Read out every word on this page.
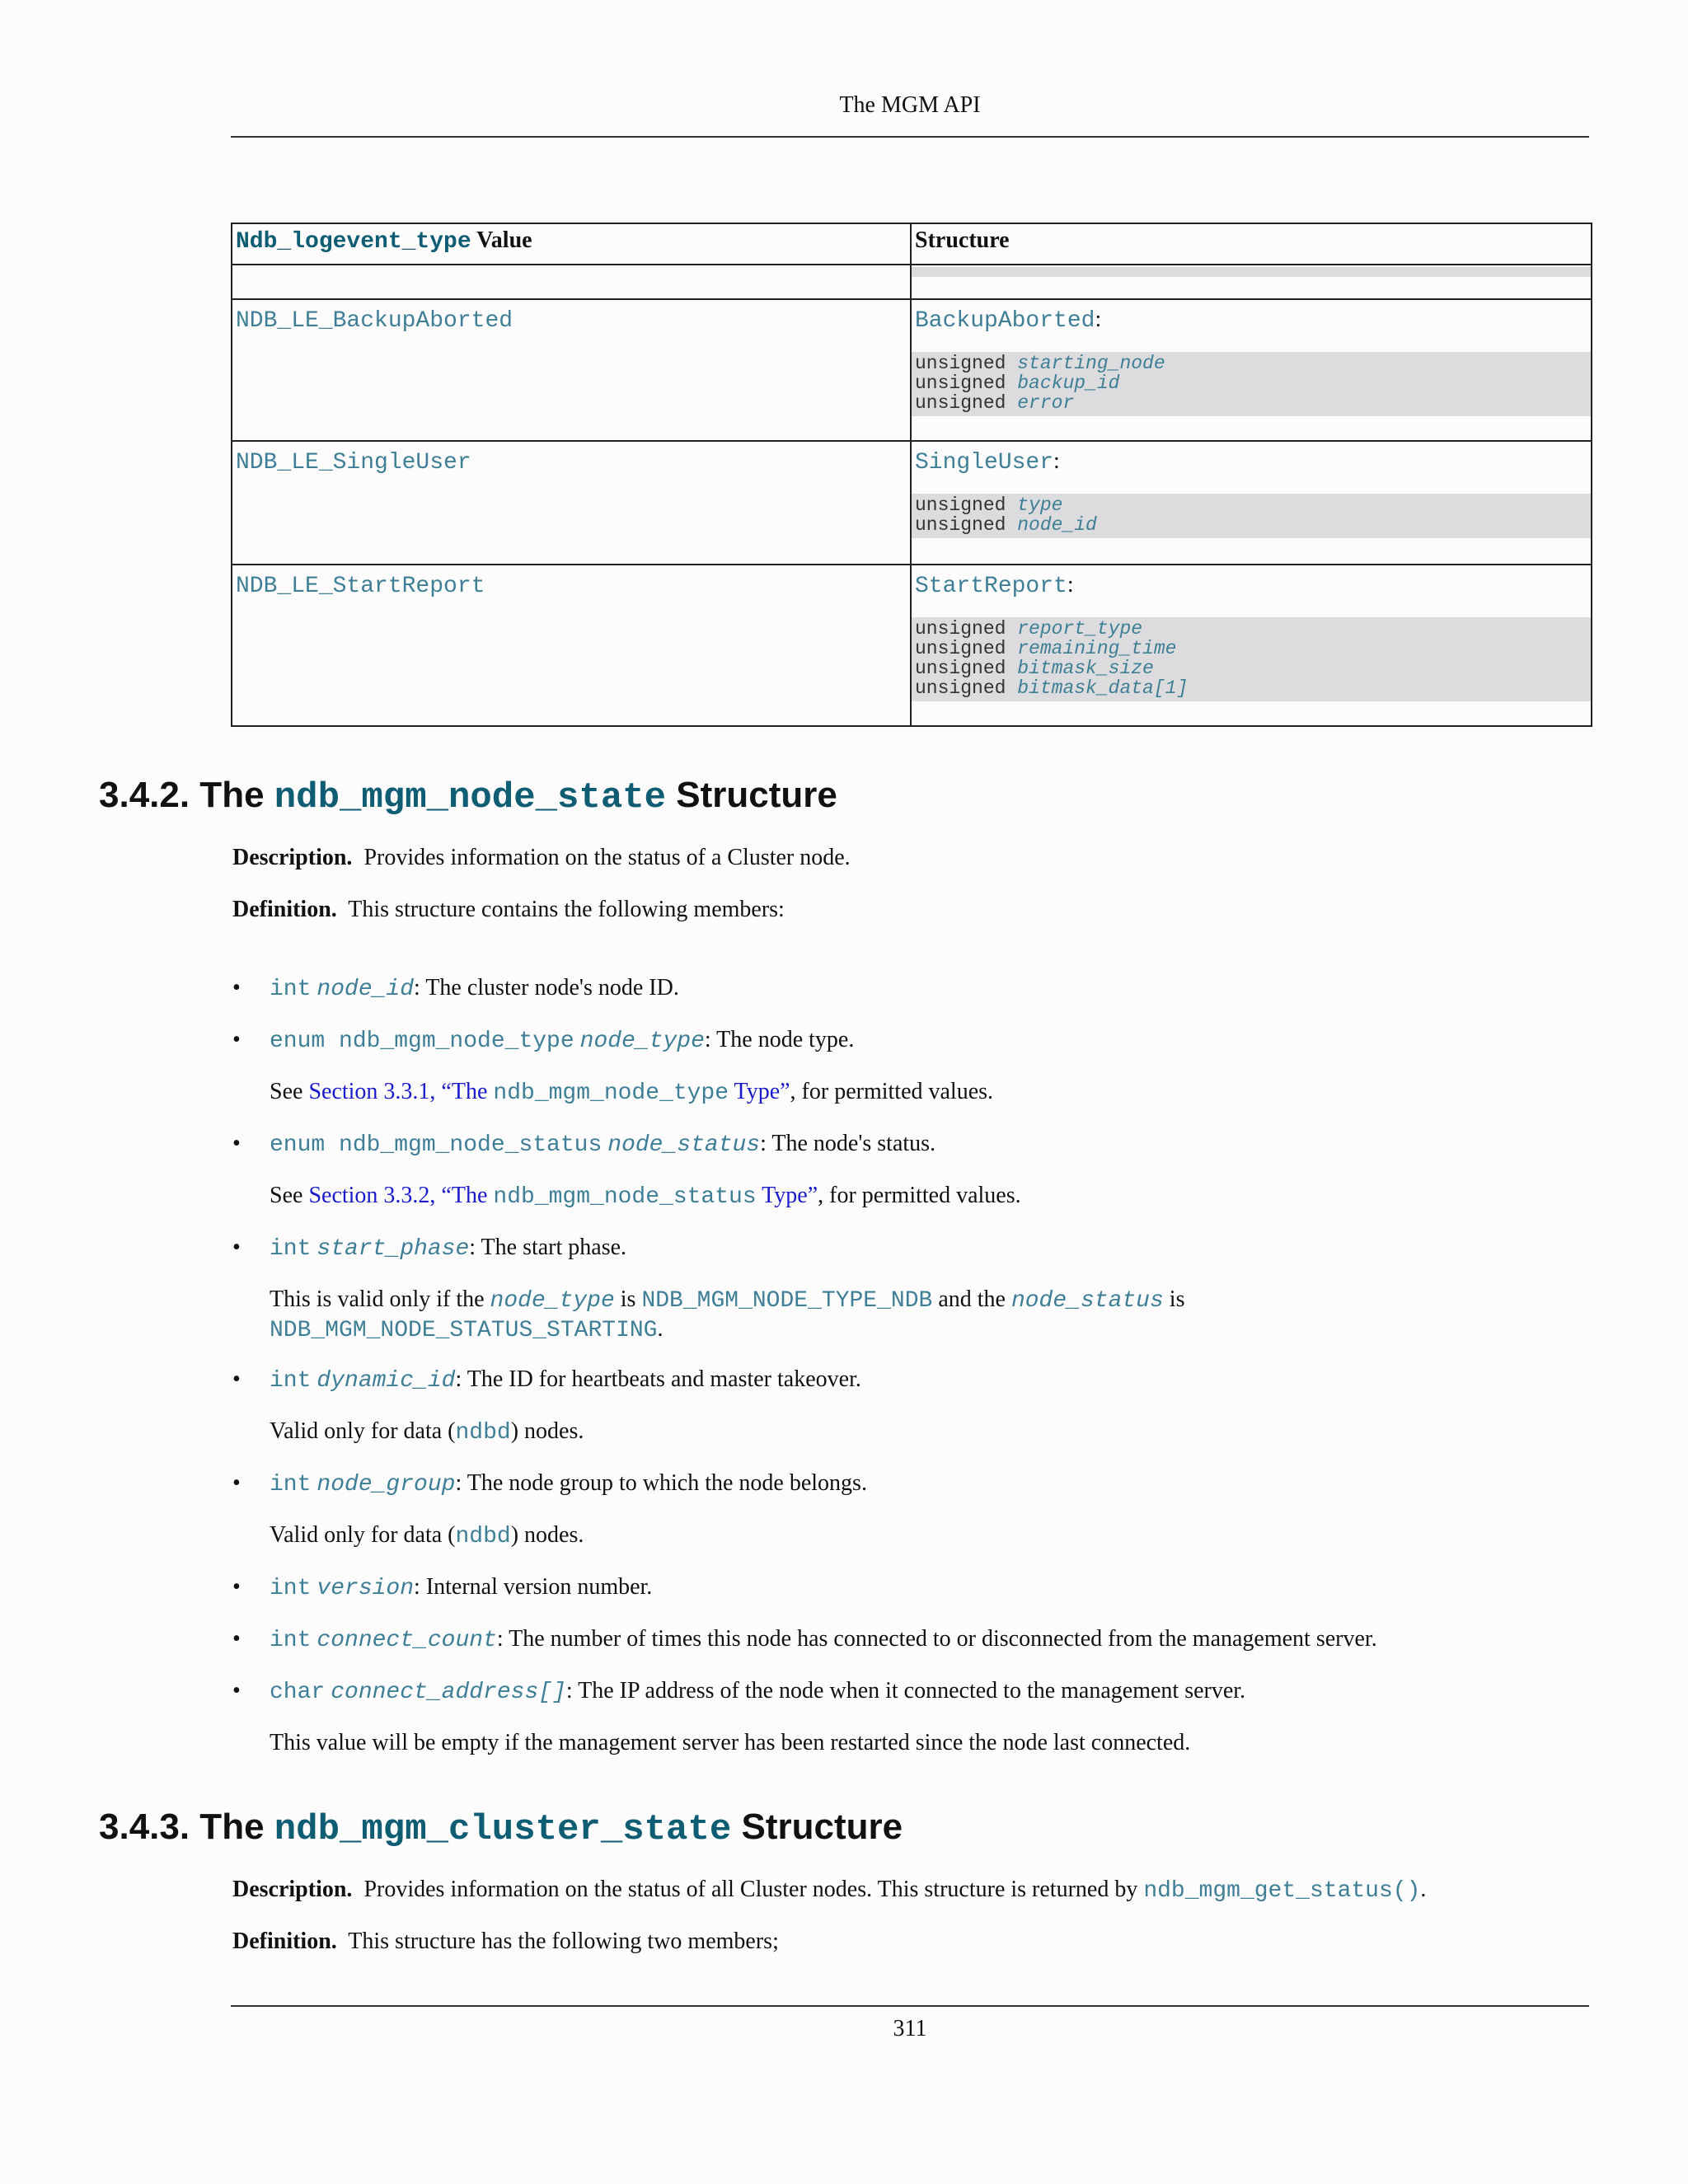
The MGM API
Ndb_logevent_type Value	Structure

NDB_LE_BackupAborted	BackupAborted:
unsigned starting_node
unsigned backup_id
unsigned error

NDB_LE_SingleUser	SingleUser:
unsigned type
unsigned node_id

NDB_LE_StartReport	StartReport:
unsigned report_type
unsigned remaining_time
unsigned bitmask_size
unsigned bitmask_data[1]
3.4.2. The ndb_mgm_node_state Structure
Description. Provides information on the status of a Cluster node.
Definition. This structure contains the following members:
• int node_id: The cluster node's node ID.
• enum ndb_mgm_node_type node_type: The node type.
See Section 3.3.1, “The ndb_mgm_node_type Type”, for permitted values.
• enum ndb_mgm_node_status node_status: The node's status.
See Section 3.3.2, “The ndb_mgm_node_status Type”, for permitted values.
• int start_phase: The start phase.
This is valid only if the node_type is NDB_MGM_NODE_TYPE_NDB and the node_status is
NDB_MGM_NODE_STATUS_STARTING.
• int dynamic_id: The ID for heartbeats and master takeover.
Valid only for data (ndbd) nodes.
• int node_group: The node group to which the node belongs.
Valid only for data (ndbd) nodes.
• int version: Internal version number.
• int connect_count: The number of times this node has connected to or disconnected from the management server.
• char connect_address[]: The IP address of the node when it connected to the management server.
This value will be empty if the management server has been restarted since the node last connected.
3.4.3. The ndb_mgm_cluster_state Structure
Description. Provides information on the status of all Cluster nodes. This structure is returned by ndb_mgm_get_status().
Definition. This structure has the following two members;
311
